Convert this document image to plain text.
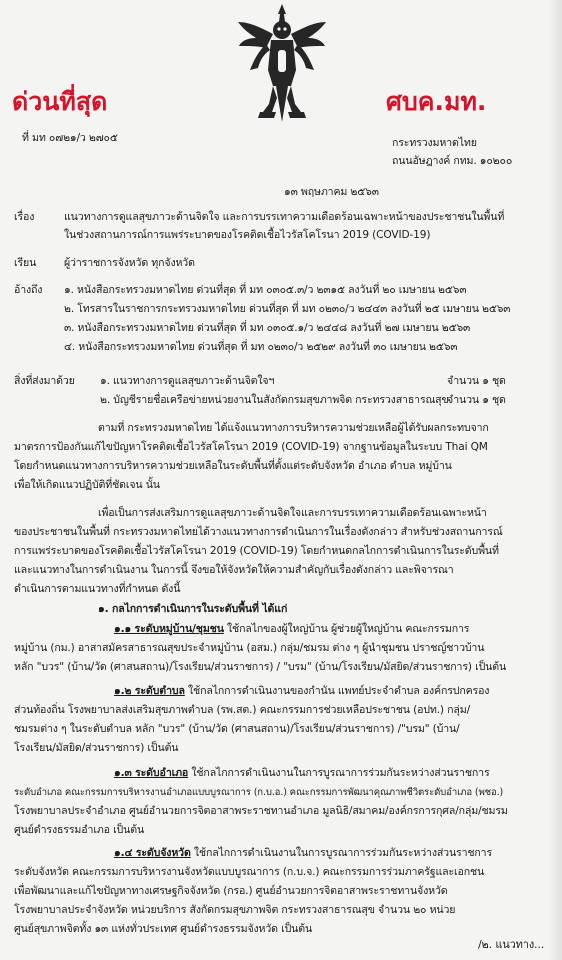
ด่วนที่สุด	ศบค.มท.
ที่ มท ๐๗๒๑/ว ๒๗๐๕	กระทรวงมหาดไทย
ถนนอัษฎางค์ กทม. ๑๐๒๐๐
๑๓ พฤษภาคม ๒๕๖๓
เรื่อง	แนวทางการดูแลสุขภาวะด้านจิตใจ และการบรรเทาความเดือดร้อนเฉพาะหน้าของประชาชนในพื้นที่
ในช่วงสถานการณ์การแพร่ระบาดของโรคติดเชื้อไวรัสโคโรนา 2019 (COVID-19)
เรียน	ผู้ว่าราชการจังหวัด ทุกจังหวัด
อ้างถึง ๑. หนังสือกระทรวงมหาดไทย ด่วนที่สุด ที่ มท ๐๓๐๕.๓/ว ๒๓๑๕ ลงวันที่ ๒๐ เมษายน ๒๕๖๓
๒. โทรสารในราชการกระทรวงมหาดไทย ด่วนที่สุด ที่ มท ๐๒๓๐/ว ๒๔๔๓ ลงวันที่ ๒๕ เมษายน ๒๕๖๓
๓. หนังสือกระทรวงมหาดไทย ด่วนที่สุด ที่ มท ๐๓๐๕.๑/ว ๒๔๔๘ ลงวันที่ ๒๗ เมษายน ๒๕๖๓
๔. หนังสือกระทรวงมหาดไทย ด่วนที่สุด ที่ มท ๐๒๓๐/ว ๒๕๒๙ ลงวันที่ ๓๐ เมษายน ๒๕๖๓
สิ่งที่ส่งมาด้วย ๑. แนวทางการดูแลสุขภาวะด้านจิตใจฯ	จำนวน ๑ ชุด
๒. บัญชีรายชื่อเครือข่ายหน่วยงานในสังกัดกรมสุขภาพจิต กระทรวงสาธารณสุข
จำนวน ๑ ชุด
ตามที่ กระทรวงมหาดไทย ได้แจ้งแนวทางการบริหารความช่วยเหลือผู้ได้รับผลกระทบจาก
มาตรการป้องกันแก้ไขปัญหาโรคติดเชื้อไวรัสโคโรนา 2019 (COVID-19) จากฐานข้อมูลในระบบ Thai QM
โดยกำหนดแนวทางการบริหารความช่วยเหลือในระดับพื้นที่ตั้งแต่ระดับจังหวัด อำเภอ ตำบล หมู่บ้าน
เพื่อให้เกิดแนวปฏิบัติที่ชัดเจน นั้น
เพื่อเป็นการส่งเสริมการดูแลสุขภาวะด้านจิตใจและการบรรเทาความเดือดร้อนเฉพาะหน้า
ของประชาชนในพื้นที่ กระทรวงมหาดไทยได้วางแนวทางการดำเนินการในเรื่องดังกล่าว สำหรับช่วงสถานการณ์
การแพร่ระบาดของโรคติดเชื้อไวรัสโคโรนา 2019 (COVID-19) โดยกำหนดกลไกการดำเนินการในระดับพื้นที่
และแนวทางในการดำเนินงาน ในการนี้ จึงขอให้จังหวัดให้ความสำคัญกับเรื่องดังกล่าว และพิจารณา
ดำเนินการตามแนวทางที่กำหนด ดังนี้
๑. กลไกการดำเนินการในระดับพื้นที่ ได้แก่
๑.๑ ระดับหมู่บ้าน/ชุมชน ใช้กลไกของผู้ใหญ่บ้าน ผู้ช่วยผู้ใหญ่บ้าน คณะกรรมการ
หมู่บ้าน (กม.) อาสาสมัครสาธารณสุขประจำหมู่บ้าน (อสม.) กลุ่ม/ชมรม ต่าง ๆ ผู้นำชุมชน ปราชญ์ชาวบ้าน
หลัก "บวร" (บ้าน/วัด (ศาสนสถาน)/โรงเรียน/ส่วนราชการ) / "บรม" (บ้าน/โรงเรียน/มัสยิด/ส่วนราชการ) เป็นต้น
๑.๒ ระดับตำบล ใช้กลไกการดำเนินงานของกำนัน แพทย์ประจำตำบล องค์กรปกครอง
ส่วนท้องถิ่น โรงพยาบาลส่งเสริมสุขภาพตำบล (รพ.สต.) คณะกรรมการช่วยเหลือประชาชน (อปท.) กลุ่ม/
ชมรมต่าง ๆ ในระดับตำบล หลัก "บวร" (บ้าน/วัด (ศาสนสถาน)/โรงเรียน/ส่วนราชการ) /"บรม" (บ้าน/
โรงเรียน/มัสยิด/ส่วนราชการ) เป็นต้น
๑.๓ ระดับอำเภอ ใช้กลไกการดำเนินงานในการบูรณาการร่วมกันระหว่างส่วนราชการ
ระดับอำเภอ คณะกรรมการบริหารงานอำเภอแบบบูรณาการ (ก.บ.อ.) คณะกรรมการพัฒนาคุณภาพชีวิตระดับอำเภอ (พชอ.)
โรงพยาบาลประจำอำเภอ ศูนย์อำนวยการจิตอาสาพระราชทานอำเภอ มูลนิธิ/สมาคม/องค์กรการกุศล/กลุ่ม/ชมรม
ศูนย์ดำรงธรรมอำเภอ เป็นต้น
๑.๔ ระดับจังหวัด ใช้กลไกการดำเนินงานในการบูรณาการร่วมกันระหว่างส่วนราชการ
ระดับจังหวัด คณะกรรมการบริหารงานจังหวัดแบบบูรณาการ (ก.บ.จ.) คณะกรรมการร่วมภาครัฐและเอกชน
เพื่อพัฒนาและแก้ไขปัญหาทางเศรษฐกิจจังหวัด (กรอ.) ศูนย์อำนวยการจิตอาสาพระราชทานจังหวัด
โรงพยาบาลประจำจังหวัด หน่วยบริการ สังกัดกรมสุขภาพจิต กระทรวงสาธารณสุข จำนวน ๒๐ หน่วย
ศูนย์สุขภาพจิตทั้ง ๑๓ แห่งทั่วประเทศ ศูนย์ดำรงธรรมจังหวัด เป็นต้น
/๒. แนวทาง...
